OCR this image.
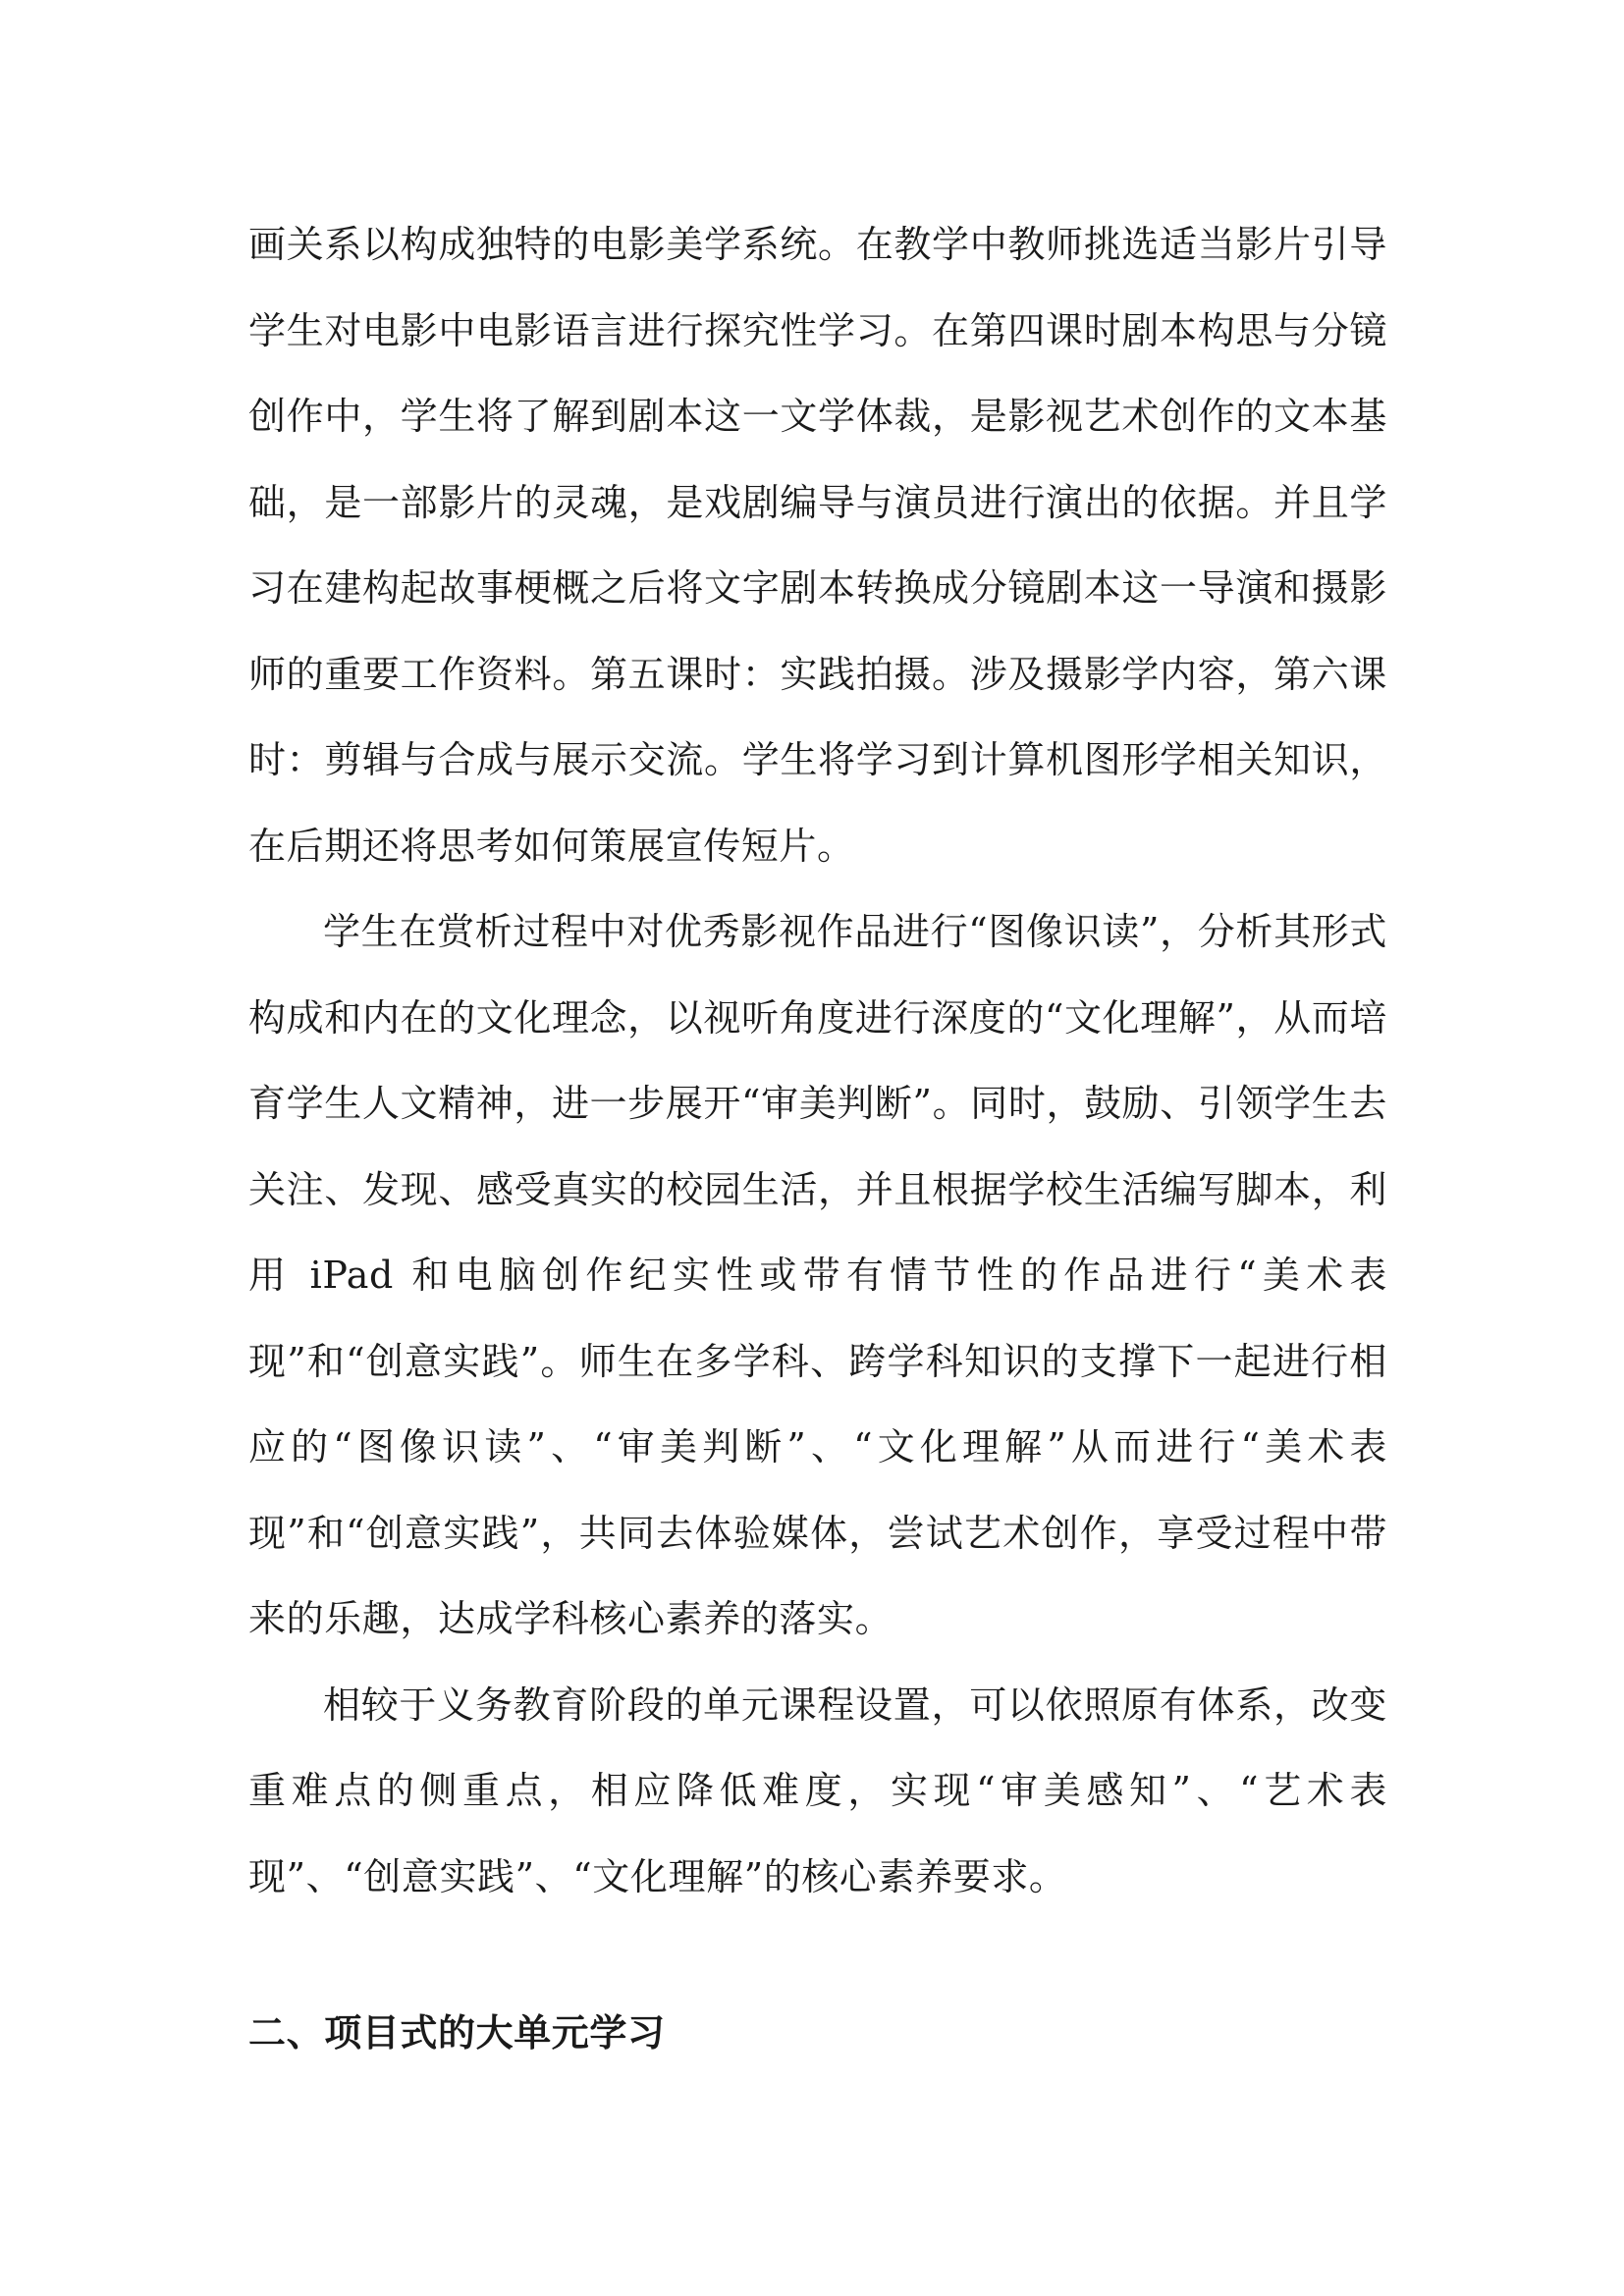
画关系以构成独特的电影美学系统。在教学中教师挑选适当影片引导学生对电影中电影语言进行探究性学习。在第四课时剧本构思与分镜创作中，学生将了解到剧本这一文学体裁，是影视艺术创作的文本基础，是一部影片的灵魂，是戏剧编导与演员进行演出的依据。并且学习在建构起故事梗概之后将文字剧本转换成分镜剧本这一导演和摄影师的重要工作资料。第五课时：实践拍摄。涉及摄影学内容，第六课时：剪辑与合成与展示交流。学生将学习到计算机图形学相关知识，在后期还将思考如何策展宣传短片。

学生在赏析过程中对优秀影视作品进行“图像识读”，分析其形式构成和内在的文化理念，以视听角度进行深度的“文化理解”，从而培育学生人文精神，进一步展开“审美判断”。同时，鼓励、引领学生去关注、发现、感受真实的校园生活，并且根据学校生活编写脚本，利用 iPad 和电脑创作纪实性或带有情节性的作品进行“美术表现”和“创意实践”。师生在多学科、跨学科知识的支撑下一起进行相应的“图像识读”、“审美判断”、“文化理解”从而进行“美术表现”和“创意实践”，共同去体验媒体，尝试艺术创作，享受过程中带来的乐趣，达成学科核心素养的落实。

相较于义务教育阶段的单元课程设置，可以依照原有体系，改变重难点的侧重点，相应降低难度，实现“审美感知”、“艺术表现”、“创意实践”、“文化理解”的核心素养要求。

二、项目式的大单元学习
